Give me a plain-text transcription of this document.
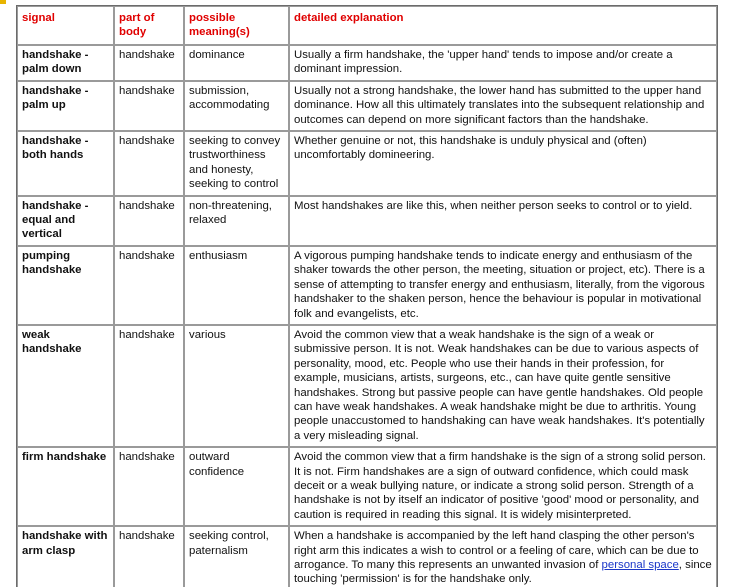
signal	part of body	possible meaning(s)	detailed explanation
handshake - palm down	handshake	dominance	Usually a firm handshake, the 'upper hand' tends to impose and/or create a dominant impression.
handshake - palm up	handshake	submission, accommodating	Usually not a strong handshake, the lower hand has submitted to the upper hand dominance. How all this ultimately translates into the subsequent relationship and outcomes can depend on more significant factors than the handshake.
handshake - both hands	handshake	seeking to convey trustworthiness and honesty, seeking to control	Whether genuine or not, this handshake is unduly physical and (often) uncomfortably domineering.
handshake - equal and vertical	handshake	non-threatening, relaxed	Most handshakes are like this, when neither person seeks to control or to yield.
pumping handshake	handshake	enthusiasm	A vigorous pumping handshake tends to indicate energy and enthusiasm of the shaker towards the other person, the meeting, situation or project, etc). There is a sense of attempting to transfer energy and enthusiasm, literally, from the vigorous handshaker to the shaken person, hence the behaviour is popular in motivational folk and evangelists, etc.
weak handshake	handshake	various	Avoid the common view that a weak handshake is the sign of a weak or submissive person. It is not. Weak handshakes can be due to various aspects of personality, mood, etc. People who use their hands in their profession, for example, musicians, artists, surgeons, etc., can have quite gentle sensitive handshakes. Strong but passive people can have gentle handshakes. Old people can have weak handshakes. A weak handshake might be due to arthritis. Young people unaccustomed to handshaking can have weak handshakes. It's potentially a very misleading signal.
firm handshake	handshake	outward confidence	Avoid the common view that a firm handshake is the sign of a strong solid person. It is not. Firm handshakes are a sign of outward confidence, which could mask deceit or a weak bullying nature, or indicate a strong solid person. Strength of a handshake is not by itself an indicator of positive 'good' mood or personality, and caution is required in reading this signal. It is widely misinterpreted.
handshake with arm clasp	handshake	seeking control, paternalism	When a handshake is accompanied by the left hand clasping the other person's right arm this indicates a wish to control or a feeling of care, which can be due to arrogance. To many this represents an unwanted invasion of personal space, since touching 'permission' is for the handshake only.
